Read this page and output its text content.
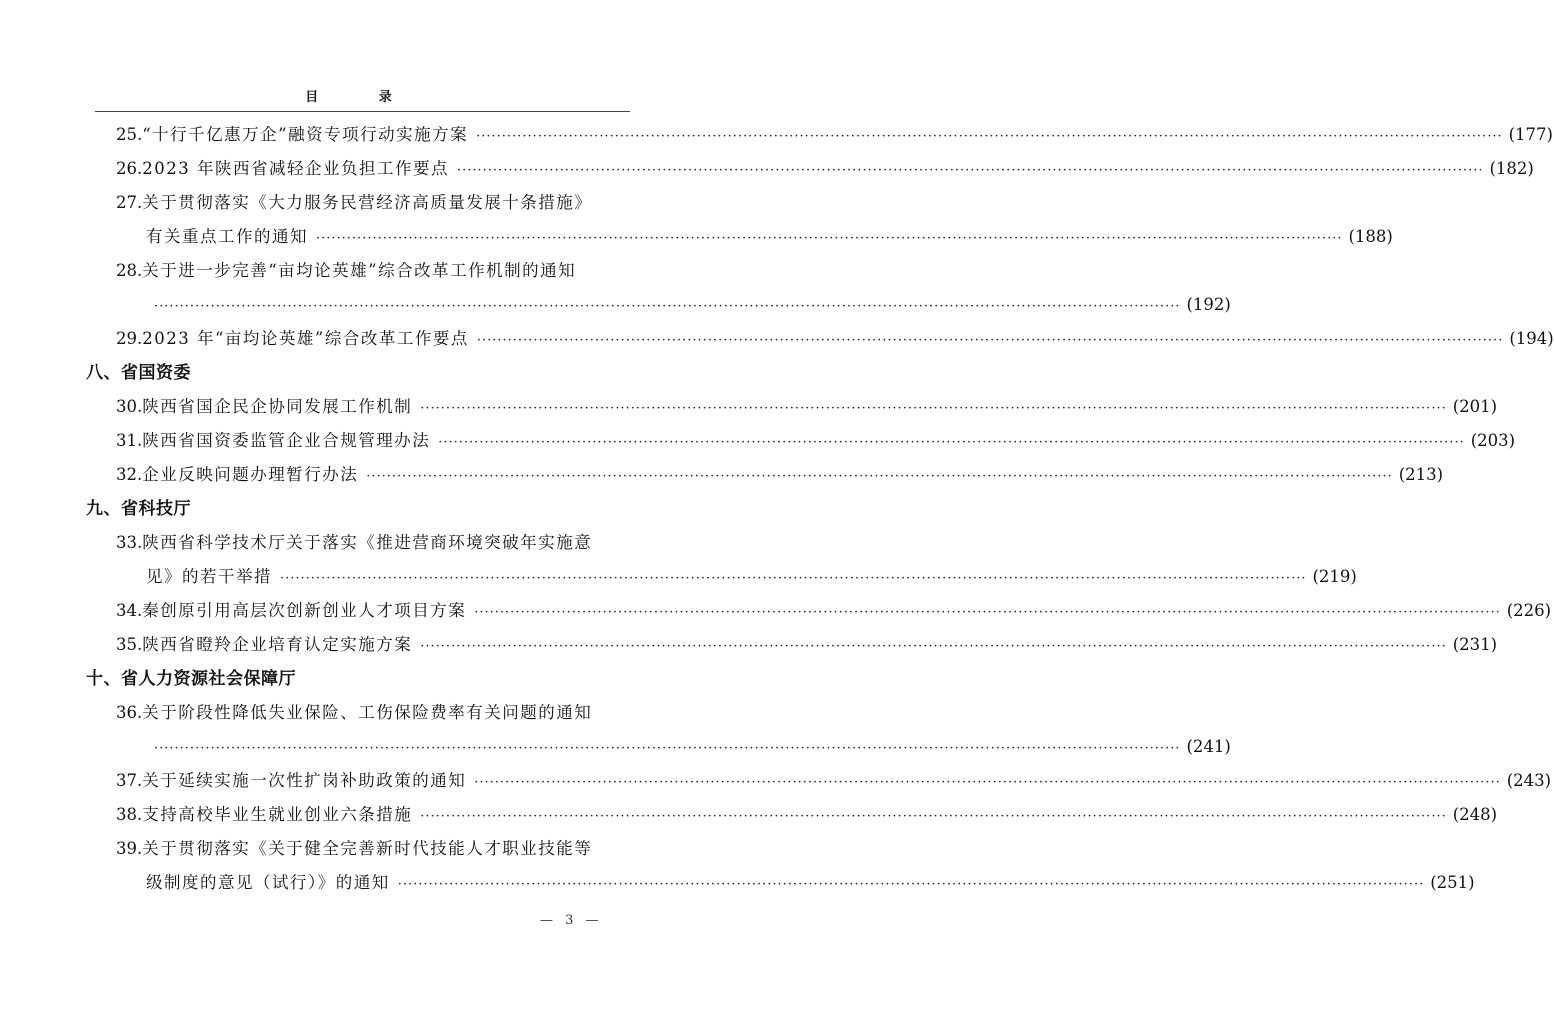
目 录
25. “十行千亿惠万企”融资专项行动实施方案 ········································································································································································································ (177)
26. 2023 年陕西省减轻企业负担工作要点 ········································································································································································································ (182)
27. 关于贯彻落实《大力服务民营经济高质量发展十条措施》
有关重点工作的通知 ········································································································································································································ (188)
28. 关于进一步完善“亩均论英雄”综合改革工作机制的通知
········································································································································································································ (192)
29. 2023 年“亩均论英雄”综合改革工作要点 ········································································································································································································ (194)
八、省国资委
30. 陕西省国企民企协同发展工作机制 ········································································································································································································ (201)
31. 陕西省国资委监管企业合规管理办法 ········································································································································································································ (203)
32. 企业反映问题办理暂行办法 ········································································································································································································ (213)
九、省科技厅
33. 陕西省科学技术厅关于落实《推进营商环境突破年实施意
见》的若干举措 ········································································································································································································ (219)
34. 秦创原引用高层次创新创业人才项目方案 ········································································································································································································ (226)
35. 陕西省瞪羚企业培育认定实施方案 ········································································································································································································ (231)
十、省人力资源社会保障厅
36. 关于阶段性降低失业保险、工伤保险费率有关问题的通知
········································································································································································································ (241)
37. 关于延续实施一次性扩岗补助政策的通知 ········································································································································································································ (243)
38. 支持高校毕业生就业创业六条措施 ········································································································································································································ (248)
39. 关于贯彻落实《关于健全完善新时代技能人才职业技能等
级制度的意见（试行）》的通知 ········································································································································································································ (251)
— 3 —
